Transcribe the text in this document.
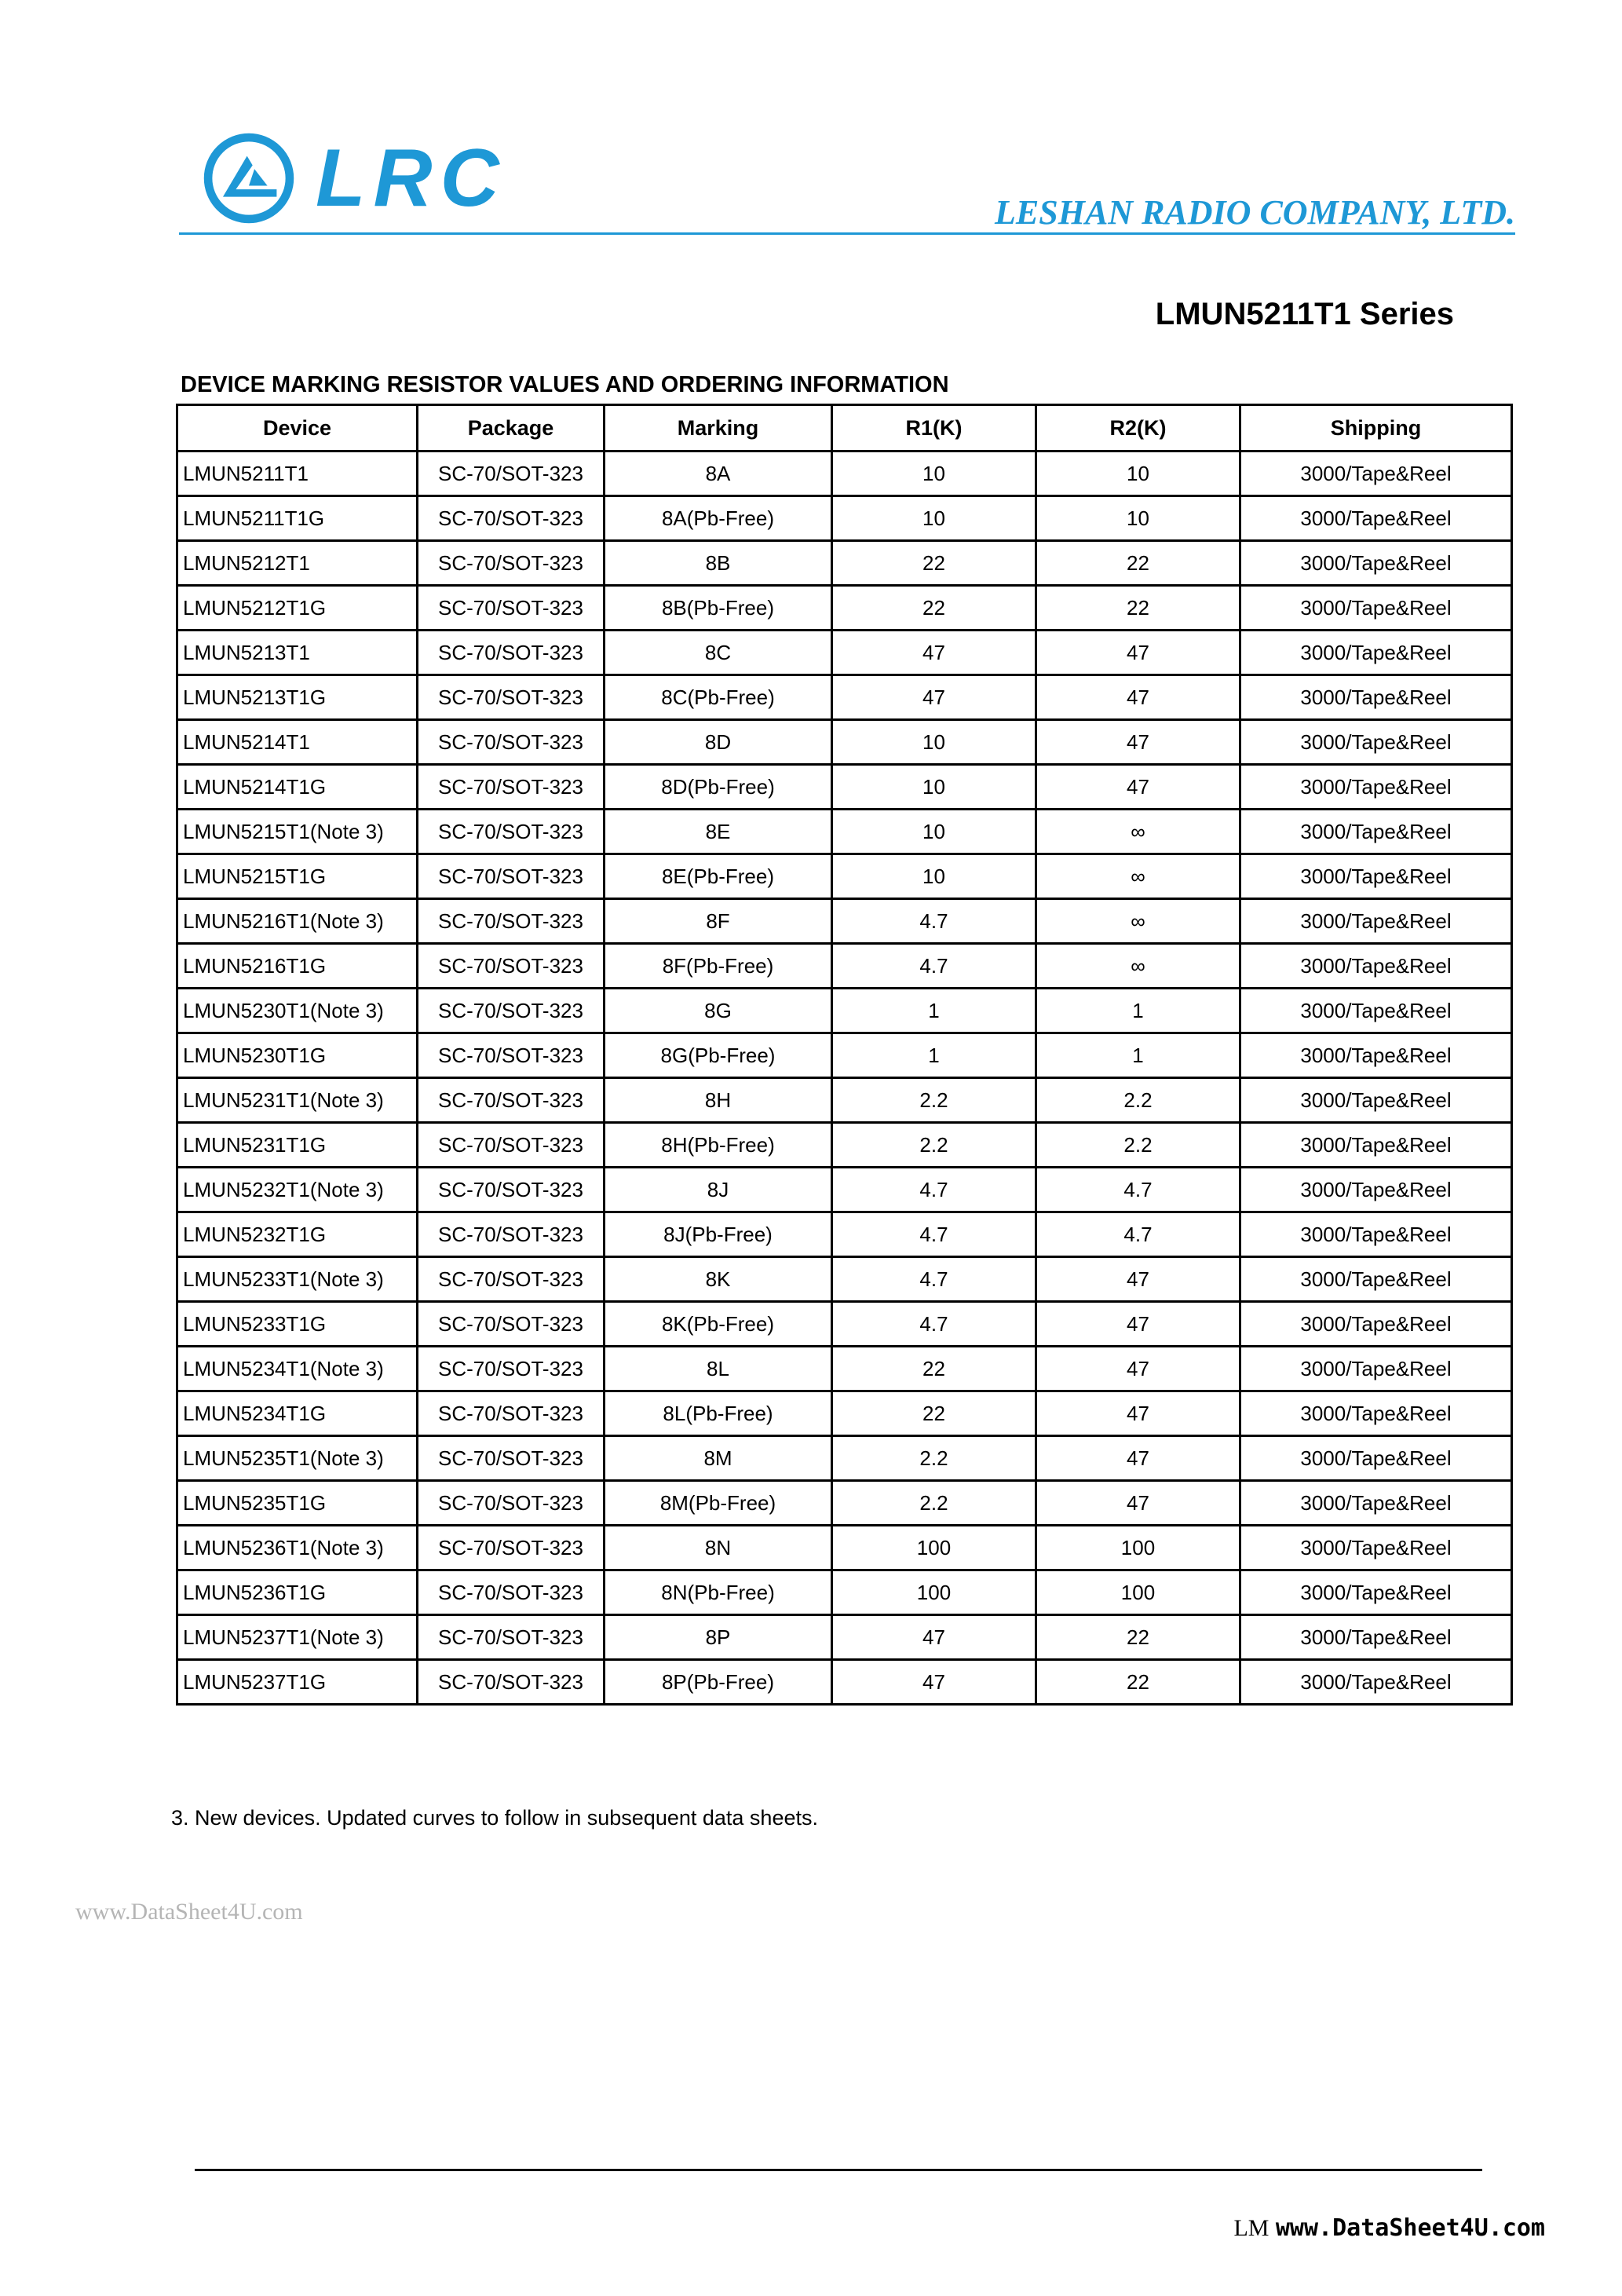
LRC	LESHAN RADIO COMPANY, LTD.
LMUN5211T1 Series
DEVICE MARKING RESISTOR VALUES AND ORDERING INFORMATION
Device	Package	Marking	R1(K)	R2(K)	Shipping
LMUN5211T1	SC-70/SOT-323	8A	10	10	3000/Tape&Reel
LMUN5211T1G	SC-70/SOT-323	8A(Pb-Free)	10	10	3000/Tape&Reel
LMUN5212T1	SC-70/SOT-323	8B	22	22	3000/Tape&Reel
LMUN5212T1G	SC-70/SOT-323	8B(Pb-Free)	22	22	3000/Tape&Reel
LMUN5213T1	SC-70/SOT-323	8C	47	47	3000/Tape&Reel
LMUN5213T1G	SC-70/SOT-323	8C(Pb-Free)	47	47	3000/Tape&Reel
LMUN5214T1	SC-70/SOT-323	8D	10	47	3000/Tape&Reel
LMUN5214T1G	SC-70/SOT-323	8D(Pb-Free)	10	47	3000/Tape&Reel
LMUN5215T1(Note 3)	SC-70/SOT-323	8E	10	∞	3000/Tape&Reel
LMUN5215T1G	SC-70/SOT-323	8E(Pb-Free)	10	∞	3000/Tape&Reel
LMUN5216T1(Note 3)	SC-70/SOT-323	8F	4.7	∞	3000/Tape&Reel
LMUN5216T1G	SC-70/SOT-323	8F(Pb-Free)	4.7	∞	3000/Tape&Reel
LMUN5230T1(Note 3)	SC-70/SOT-323	8G	1	1	3000/Tape&Reel
LMUN5230T1G	SC-70/SOT-323	8G(Pb-Free)	1	1	3000/Tape&Reel
LMUN5231T1(Note 3)	SC-70/SOT-323	8H	2.2	2.2	3000/Tape&Reel
LMUN5231T1G	SC-70/SOT-323	8H(Pb-Free)	2.2	2.2	3000/Tape&Reel
LMUN5232T1(Note 3)	SC-70/SOT-323	8J	4.7	4.7	3000/Tape&Reel
LMUN5232T1G	SC-70/SOT-323	8J(Pb-Free)	4.7	4.7	3000/Tape&Reel
LMUN5233T1(Note 3)	SC-70/SOT-323	8K	4.7	47	3000/Tape&Reel
LMUN5233T1G	SC-70/SOT-323	8K(Pb-Free)	4.7	47	3000/Tape&Reel
LMUN5234T1(Note 3)	SC-70/SOT-323	8L	22	47	3000/Tape&Reel
LMUN5234T1G	SC-70/SOT-323	8L(Pb-Free)	22	47	3000/Tape&Reel
LMUN5235T1(Note 3)	SC-70/SOT-323	8M	2.2	47	3000/Tape&Reel
LMUN5235T1G	SC-70/SOT-323	8M(Pb-Free)	2.2	47	3000/Tape&Reel
LMUN5236T1(Note 3)	SC-70/SOT-323	8N	100	100	3000/Tape&Reel
LMUN5236T1G	SC-70/SOT-323	8N(Pb-Free)	100	100	3000/Tape&Reel
LMUN5237T1(Note 3)	SC-70/SOT-323	8P	47	22	3000/Tape&Reel
LMUN5237T1G	SC-70/SOT-323	8P(Pb-Free)	47	22	3000/Tape&Reel
3. New devices. Updated curves to follow in subsequent data sheets.
www.DataSheet4U.com
LM www.DataSheet4U.com
